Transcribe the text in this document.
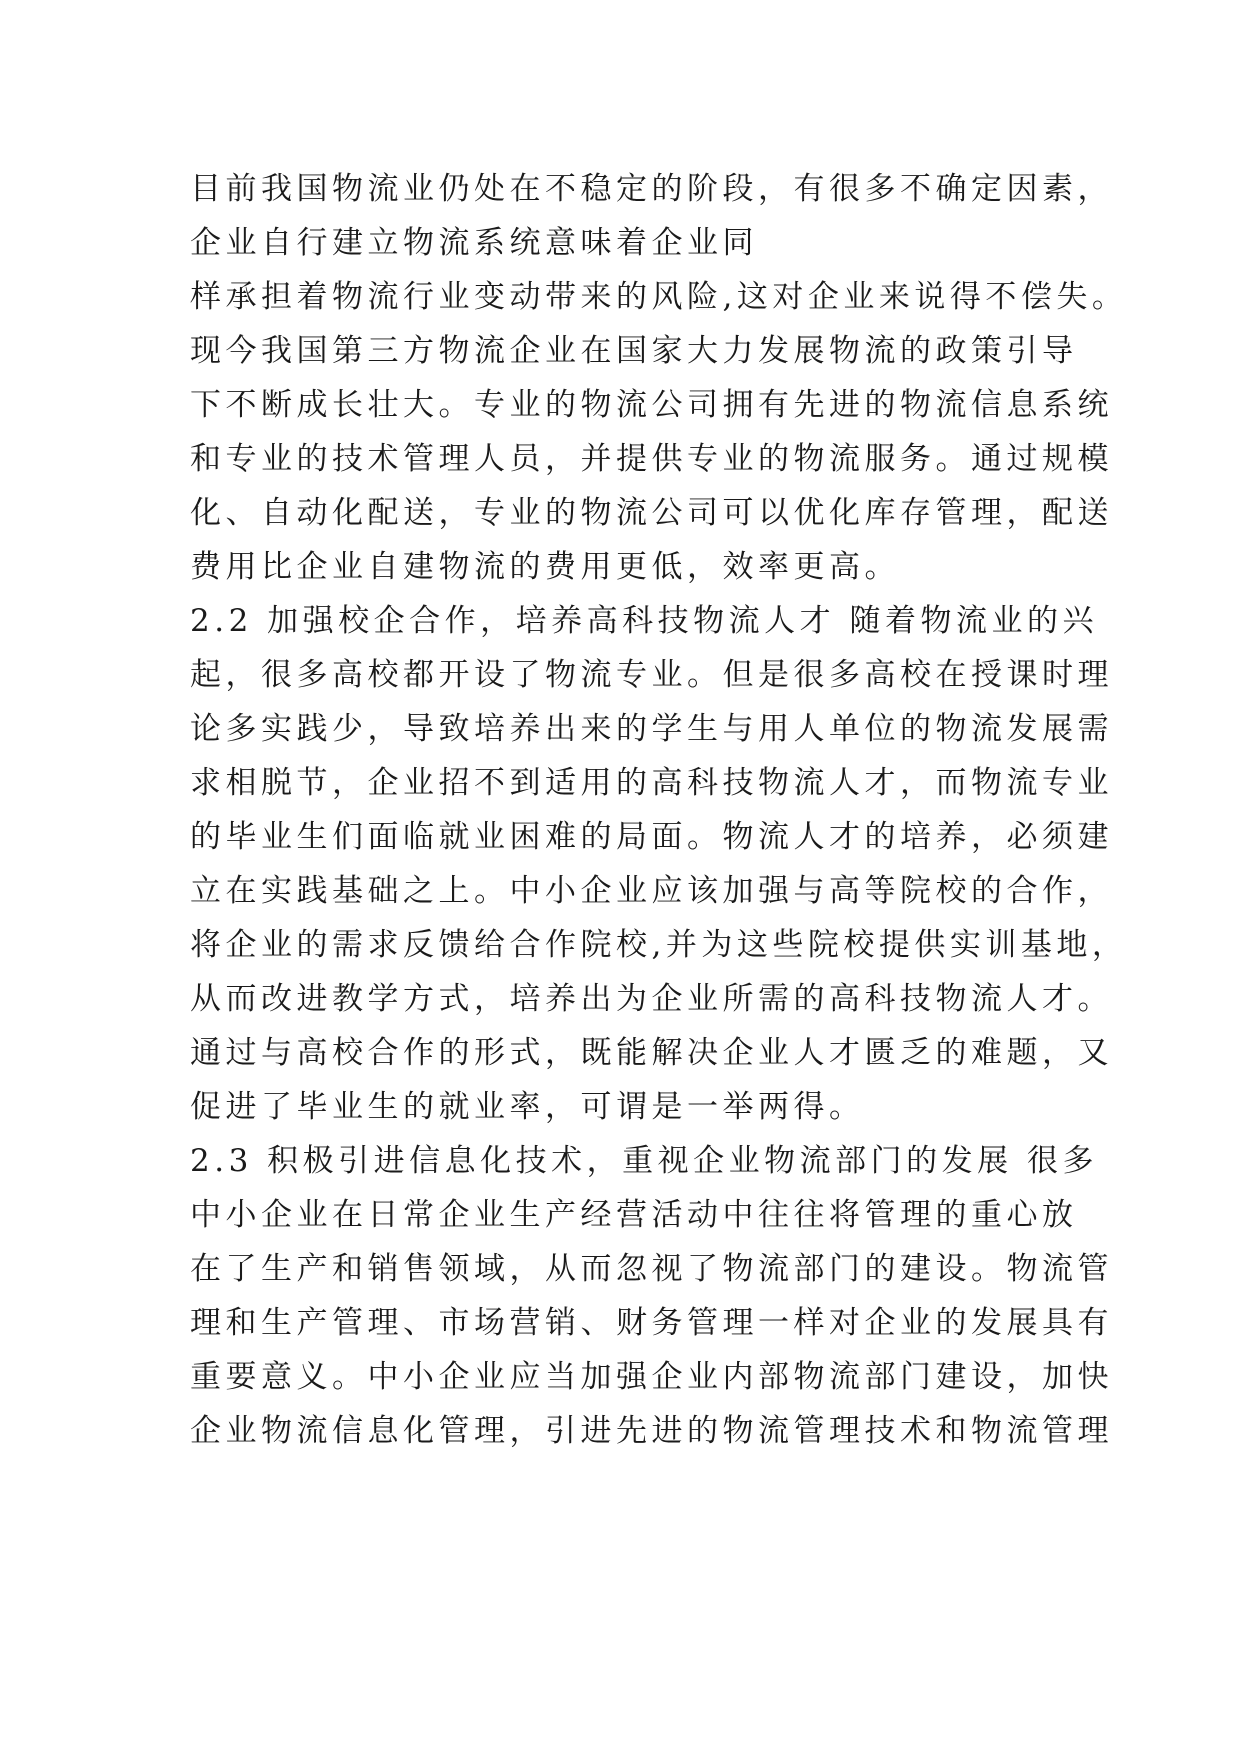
目前我国物流业仍处在不稳定的阶段，有很多不确定因素，
企业自行建立物流系统意味着企业同
样承担着物流行业变动带来的风险,这对企业来说得不偿失。
现今我国第三方物流企业在国家大力发展物流的政策引导
下不断成长壮大。专业的物流公司拥有先进的物流信息系统
和专业的技术管理人员，并提供专业的物流服务。通过规模
化、自动化配送，专业的物流公司可以优化库存管理，配送
费用比企业自建物流的费用更低，效率更高。
2.2 加强校企合作，培养高科技物流人才 随着物流业的兴
起，很多高校都开设了物流专业。但是很多高校在授课时理
论多实践少，导致培养出来的学生与用人单位的物流发展需
求相脱节，企业招不到适用的高科技物流人才，而物流专业
的毕业生们面临就业困难的局面。物流人才的培养，必须建
立在实践基础之上。中小企业应该加强与高等院校的合作，
将企业的需求反馈给合作院校,并为这些院校提供实训基地，
从而改进教学方式，培养出为企业所需的高科技物流人才。
通过与高校合作的形式，既能解决企业人才匮乏的难题，又
促进了毕业生的就业率，可谓是一举两得。
2.3 积极引进信息化技术，重视企业物流部门的发展 很多
中小企业在日常企业生产经营活动中往往将管理的重心放
在了生产和销售领域，从而忽视了物流部门的建设。物流管
理和生产管理、市场营销、财务管理一样对企业的发展具有
重要意义。中小企业应当加强企业内部物流部门建设，加快
企业物流信息化管理，引进先进的物流管理技术和物流管理
